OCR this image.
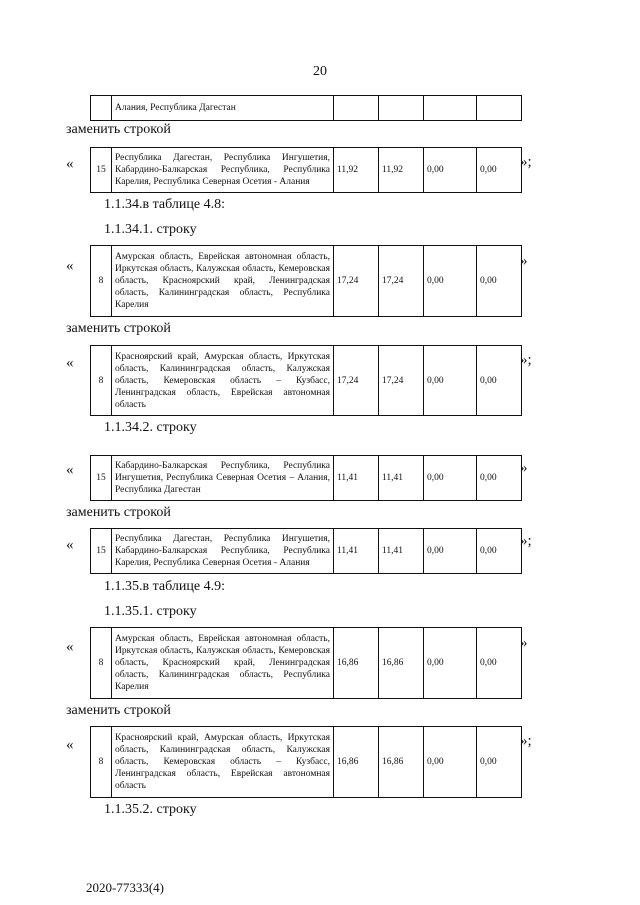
20
	Алания, Республика Дагестан				
заменить строкой
« 15	Республика Дагестан, Республика Ингушетия, Кабардино-Балкарская Республика, Республика Карелия, Республика Северная Осетия - Алания	11,92	11,92	0,00	0,00 »;
1.1.34.в таблице 4.8:
1.1.34.1. строку
«
8	Амурская область, Еврейская автономная область, Иркутская область, Калужская область, Кемеровская область, Красноярский край, Ленинградская область, Калининградская область, Республика Карелия	17,24	17,24	0,00	0,00
»
заменить строкой
«
8	Красноярский край, Амурская область, Иркутская область, Калининградская область, Калужская область, Кемеровская область – Кузбасс, Ленинградская область, Еврейская автономная область	17,24	17,24	0,00	0,00
»;
1.1.34.2. строку
« 15	Кабардино-Балкарская Республика, Республика Ингушетия, Республика Северная Осетия – Алания, Республика Дагестан	11,41	11,41	0,00	0,00
»
заменить строкой
« 15	Республика Дагестан, Республика Ингушетия, Кабардино-Балкарская Республика, Республика Карелия, Республика Северная Осетия - Алания	11,41	11,41	0,00	0,00
»;
1.1.35.в таблице 4.9:
1.1.35.1. строку
«
8	Амурская область, Еврейская автономная область, Иркутская область, Калужская область, Кемеровская область, Красноярский край, Ленинградская область, Калининградская область, Республика Карелия	16,86	16,86	0,00	0,00
»
заменить строкой
«
8	Красноярский край, Амурская область, Иркутская область, Калининградская область, Калужская область, Кемеровская область – Кузбасс, Ленинградская область, Еврейская автономная область	16,86	16,86	0,00	0,00
»;
1.1.35.2. строку
2020-77333(4)
